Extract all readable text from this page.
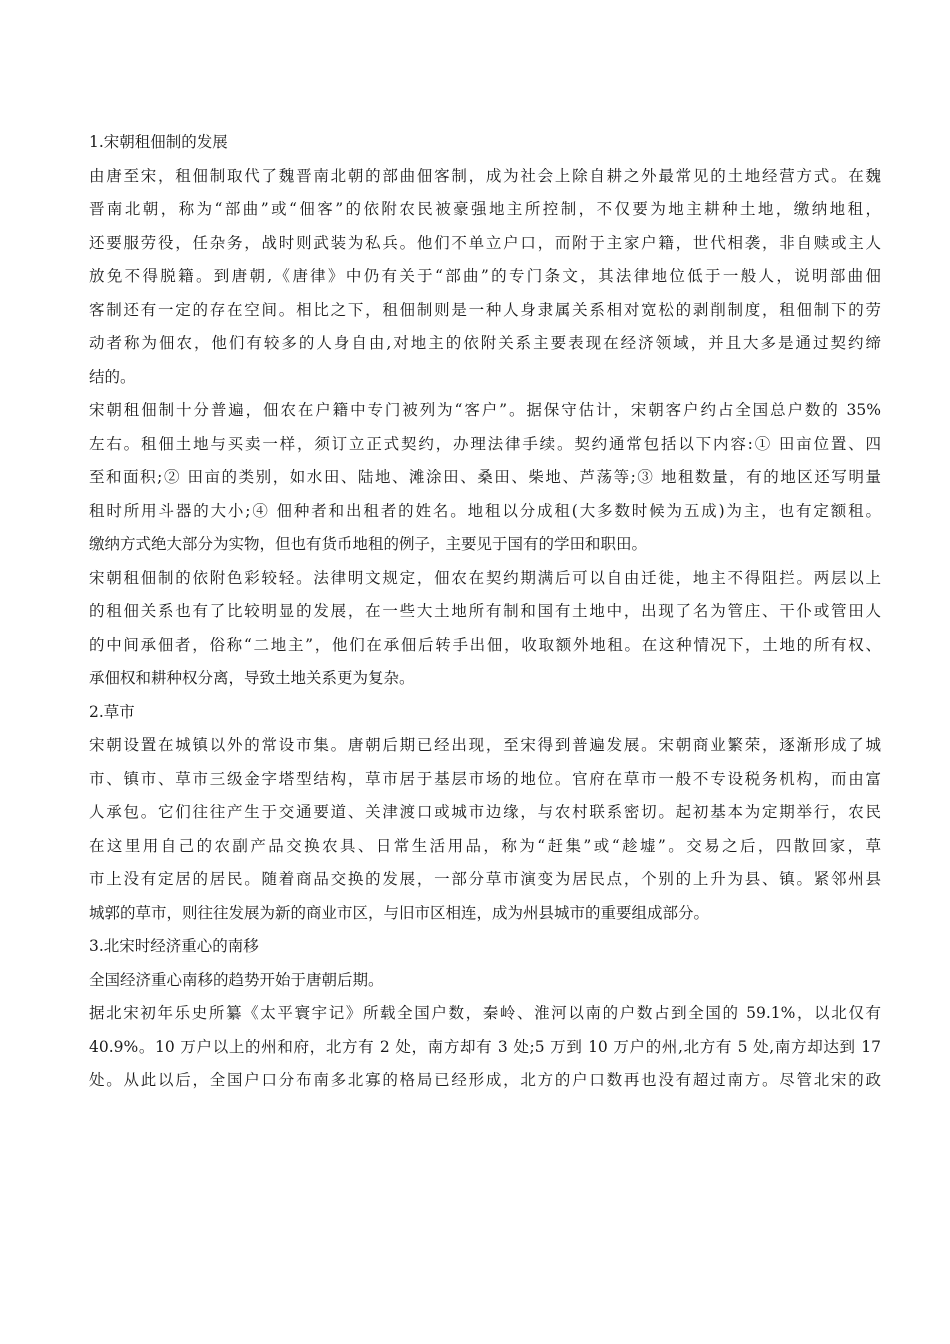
1.宋朝租佃制的发展
由唐至宋，租佃制取代了魏晋南北朝的部曲佃客制，成为社会上除自耕之外最常见的土地经营方式。在魏
晋南北朝，称为“部曲”或“佃客”的依附农民被豪强地主所控制，不仅要为地主耕种土地，缴纳地租，
还要服劳役，任杂务，战时则武装为私兵。他们不单立户口，而附于主家户籍，世代相袭，非自赎或主人
放免不得脱籍。到唐朝,《唐律》中仍有关于“部曲”的专门条文，其法律地位低于一般人，说明部曲佃
客制还有一定的存在空间。相比之下，租佃制则是一种人身隶属关系相对宽松的剥削制度，租佃制下的劳
动者称为佃农，他们有较多的人身自由,对地主的依附关系主要表现在经济领域，并且大多是通过契约缔
结的。
宋朝租佃制十分普遍，佃农在户籍中专门被列为“客户”。据保守估计，宋朝客户约占全国总户数的 35%
左右。租佃土地与买卖一样，须订立正式契约，办理法律手续。契约通常包括以下内容:① 田亩位置、四
至和面积;② 田亩的类别，如水田、陆地、滩涂田、桑田、柴地、芦荡等;③ 地租数量，有的地区还写明量
租时所用斗器的大小;④ 佃种者和出租者的姓名。地租以分成租(大多数时候为五成)为主，也有定额租。
缴纳方式绝大部分为实物，但也有货币地租的例子，主要见于国有的学田和职田。
宋朝租佃制的依附色彩较轻。法律明文规定，佃农在契约期满后可以自由迁徙，地主不得阻拦。两层以上
的租佃关系也有了比较明显的发展，在一些大土地所有制和国有土地中，出现了名为管庄、干仆或管田人
的中间承佃者，俗称“二地主”，他们在承佃后转手出佃，收取额外地租。在这种情况下，土地的所有权、
承佃权和耕种权分离，导致土地关系更为复杂。
2.草市
宋朝设置在城镇以外的常设市集。唐朝后期已经出现，至宋得到普遍发展。宋朝商业繁荣，逐渐形成了城
市、镇市、草市三级金字塔型结构，草市居于基层市场的地位。官府在草市一般不专设税务机构，而由富
人承包。它们往往产生于交通要道、关津渡口或城市边缘，与农村联系密切。起初基本为定期举行，农民
在这里用自己的农副产品交换农具、日常生活用品，称为“赶集”或“趁墟”。交易之后，四散回家，草
市上没有定居的居民。随着商品交换的发展，一部分草市演变为居民点，个别的上升为县、镇。紧邻州县
城郭的草市，则往往发展为新的商业市区，与旧市区相连，成为州县城市的重要组成部分。
3.北宋时经济重心的南移
全国经济重心南移的趋势开始于唐朝后期。
据北宋初年乐史所纂《太平寰宇记》所载全国户数，秦岭、淮河以南的户数占到全国的 59.1%，以北仅有
40.9%。10 万户以上的州和府，北方有 2 处，南方却有 3 处;5 万到 10 万户的州,北方有 5 处,南方却达到 17
处。从此以后，全国户口分布南多北寡的格局已经形成，北方的户口数再也没有超过南方。尽管北宋的政
